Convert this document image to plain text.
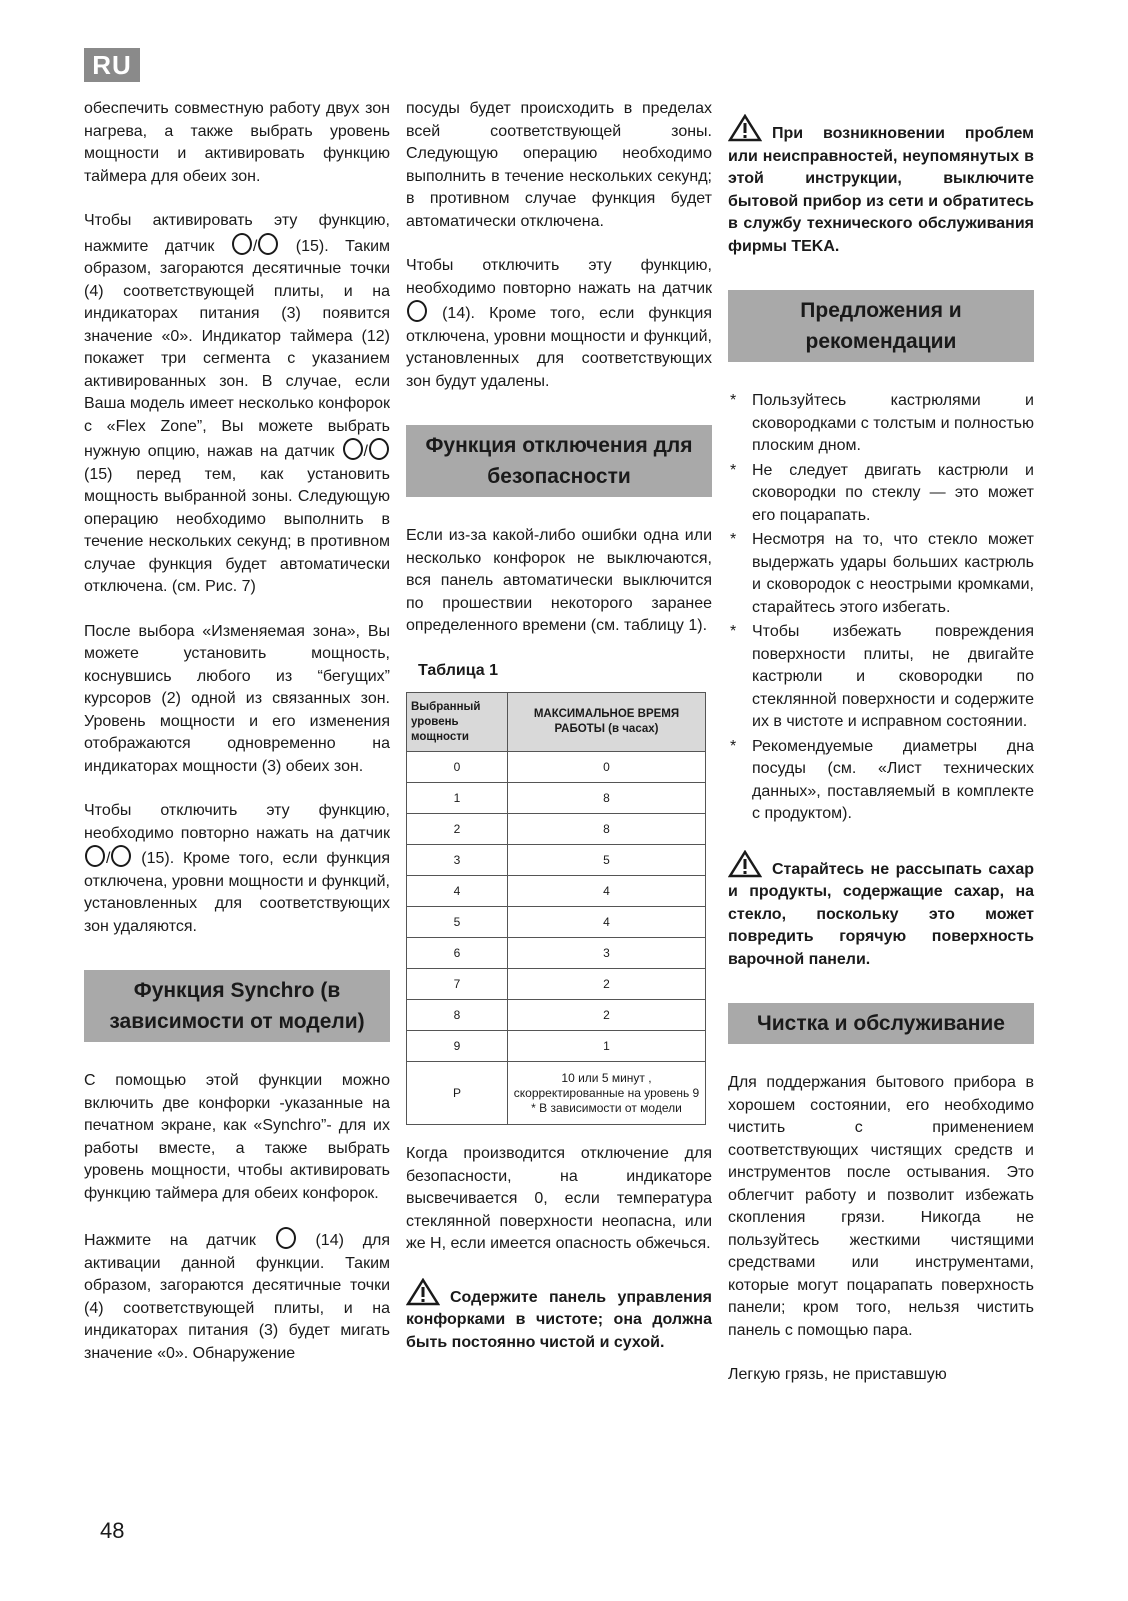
RU

обеспечить совместную работу двух зон нагрева, а также выбрать уровень мощности и активировать функцию таймера для обеих зон.

Чтобы активировать эту функцию, нажмите датчик / (15). Таким образом, загораются десятичные точки (4) соответствующей плиты, и на индикаторах питания (3) появится значение «0». Индикатор таймера (12) покажет три сегмента с указанием активированных зон. В случае, если Ваша модель имеет несколько конфорок с «Flex Zone”, Вы можете выбрать нужную опцию, нажав на датчик / (15) перед тем, как установить мощность выбранной зоны. Следующую операцию необходимо выполнить в течение нескольких секунд; в противном случае функция будет автоматически отключена. (см. Рис. 7)

После выбора «Изменяемая зона», Вы можете установить мощность, коснувшись любого из “бегущих” курсоров (2) одной из связанных зон. Уровень мощности и его изменения отображаются одновременно на индикаторах мощности (3) обеих зон.

Чтобы отключить эту функцию, необходимо повторно нажать на датчик / (15). Кроме того, если функция отключена, уровни мощности и функций, установленных для соответствующих зон удаляются.

Функция Synchro (в зависимости от модели)

С помощью этой функции можно включить две конфорки -указанные на печатном экране, как «Synchro”- для их работы вместе, а также выбрать уровень мощности, чтобы активировать функцию таймера для обеих конфорок.

Нажмите на датчик	(14) для активации данной функции. Таким образом, загораются десятичные точки (4) соответствующей плиты, и на индикаторах питания (3) будет мигать значение «0». Обнаружение

посуды будет происходить в пределах всей соответствующей зоны. Следующую операцию необходимо выполнить в течение нескольких секунд; в противном случае функция будет автоматически отключена.

Чтобы отключить эту функцию, необходимо повторно нажать на датчик  (14). Кроме того, если функция отключена, уровни мощности и функций, установленных для соответствующих зон будут удалены.

Функция отключения для безопасности

Если из-за какой-либо ошибки одна или несколько конфорок не выключаются, вся панель автоматически выключится по прошествии некоторого заранее определенного времени (см. таблицу 1).

Таблица 1
Выбранный уровень мощности	МАКСИМАЛЬНОЕ ВРЕМЯ РАБОТЫ (в часах)
0	0
1	8
2	8
3	5
4	4
5	4
6	3
7	2
8	2
9	1
P	10 или 5 минут , скорректированные на уровень 9 * В зависимости от модели

Когда производится отключение для безопасности, на индикаторе высвечивается 0, если температура стеклянной поверхности неопасна, или же H, если имеется опасность обжечься.

Содержите панель управления конфорками в чистоте; она должна быть постоянно чистой и сухой.
При возникновении проблем или неисправностей, неупомянутых в этой инструкции, выключите бытовой прибор из сети и обратитесь в службу технического обслуживания фирмы TEKA.
Предложения и рекомендации
* Пользуйтесь кастрюлями и сковородками с толстым и полностью плоским дном.
* Не следует двигать кастрюли и сковородки по стеклу — это может его поцарапать.
* Несмотря на то, что стекло может выдержать удары больших кастрюль и сковородок с неострыми кромками, старайтесь этого избегать.
* Чтобы избежать повреждения поверхности плиты, не двигайте кастрюли и сковородки по стеклянной поверхности и содержите их в чистоте и исправном состоянии.
* Рекомендуемые диаметры дна посуды (см. «Лист технических данных», поставляемый в комплекте с продуктом).
Старайтесь не рассыпать сахар и продукты, содержащие сахар, на стекло, поскольку это может повредить горячую поверхность варочной панели.
Чистка и обслуживание

Для поддержания бытового прибора в хорошем состоянии, его необходимо чистить с применением соответствующих чистящих средств и инструментов после остывания. Это облегчит работу и позволит избежать скопления грязи. Никогда не пользуйтесь жесткими чистящими средствами или инструментами, которые могут поцарапать поверхность панели; кром того, нельзя чистить панель с помощью пара.

Легкую грязь, не приставшую

48
